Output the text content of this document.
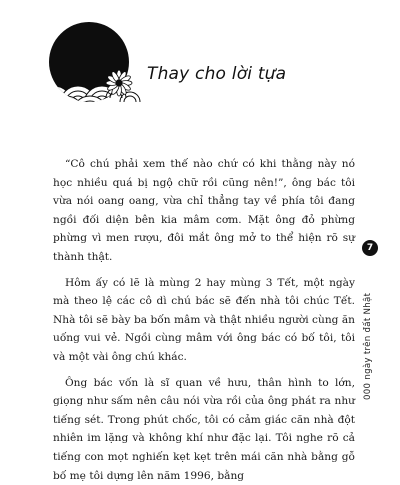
Thay cho lời tựa

“Cô chú phải xem thế nào chứ có khi thằng này nó học nhiều quá bị ngộ chữ rồi cũng nên!”, ông bác tôi vừa nói oang oang, vừa chỉ thẳng tay về phía tôi đang ngồi đối diện bên kia mâm cơm. Mặt ông đỏ phừng phừng vì men rượu, đôi mắt ông mở to thể hiện rõ sự thành thật.

Hôm ấy có lẽ là mùng 2 hay mùng 3 Tết, một ngày mà theo lệ các cô dì chú bác sẽ đến nhà tôi chúc Tết. Nhà tôi sẽ bày ba bốn mâm và thật nhiều người cùng ăn uống vui vẻ. Ngồi cùng mâm với ông bác có bố tôi, tôi và một vài ông chú khác.

Ông bác vốn là sĩ quan về hưu, thân hình to lớn, giọng như sấm nên câu nói vừa rồi của ông phát ra như tiếng sét. Trong phút chốc, tôi có cảm giác căn nhà đột nhiên im lặng và không khí như đặc lại. Tôi nghe rõ cả tiếng con mọt nghiến kẹt kẹt trên mái căn nhà bằng gỗ bố mẹ tôi dựng lên năm 1996, bằng

7
000 ngày trên đất Nhật
